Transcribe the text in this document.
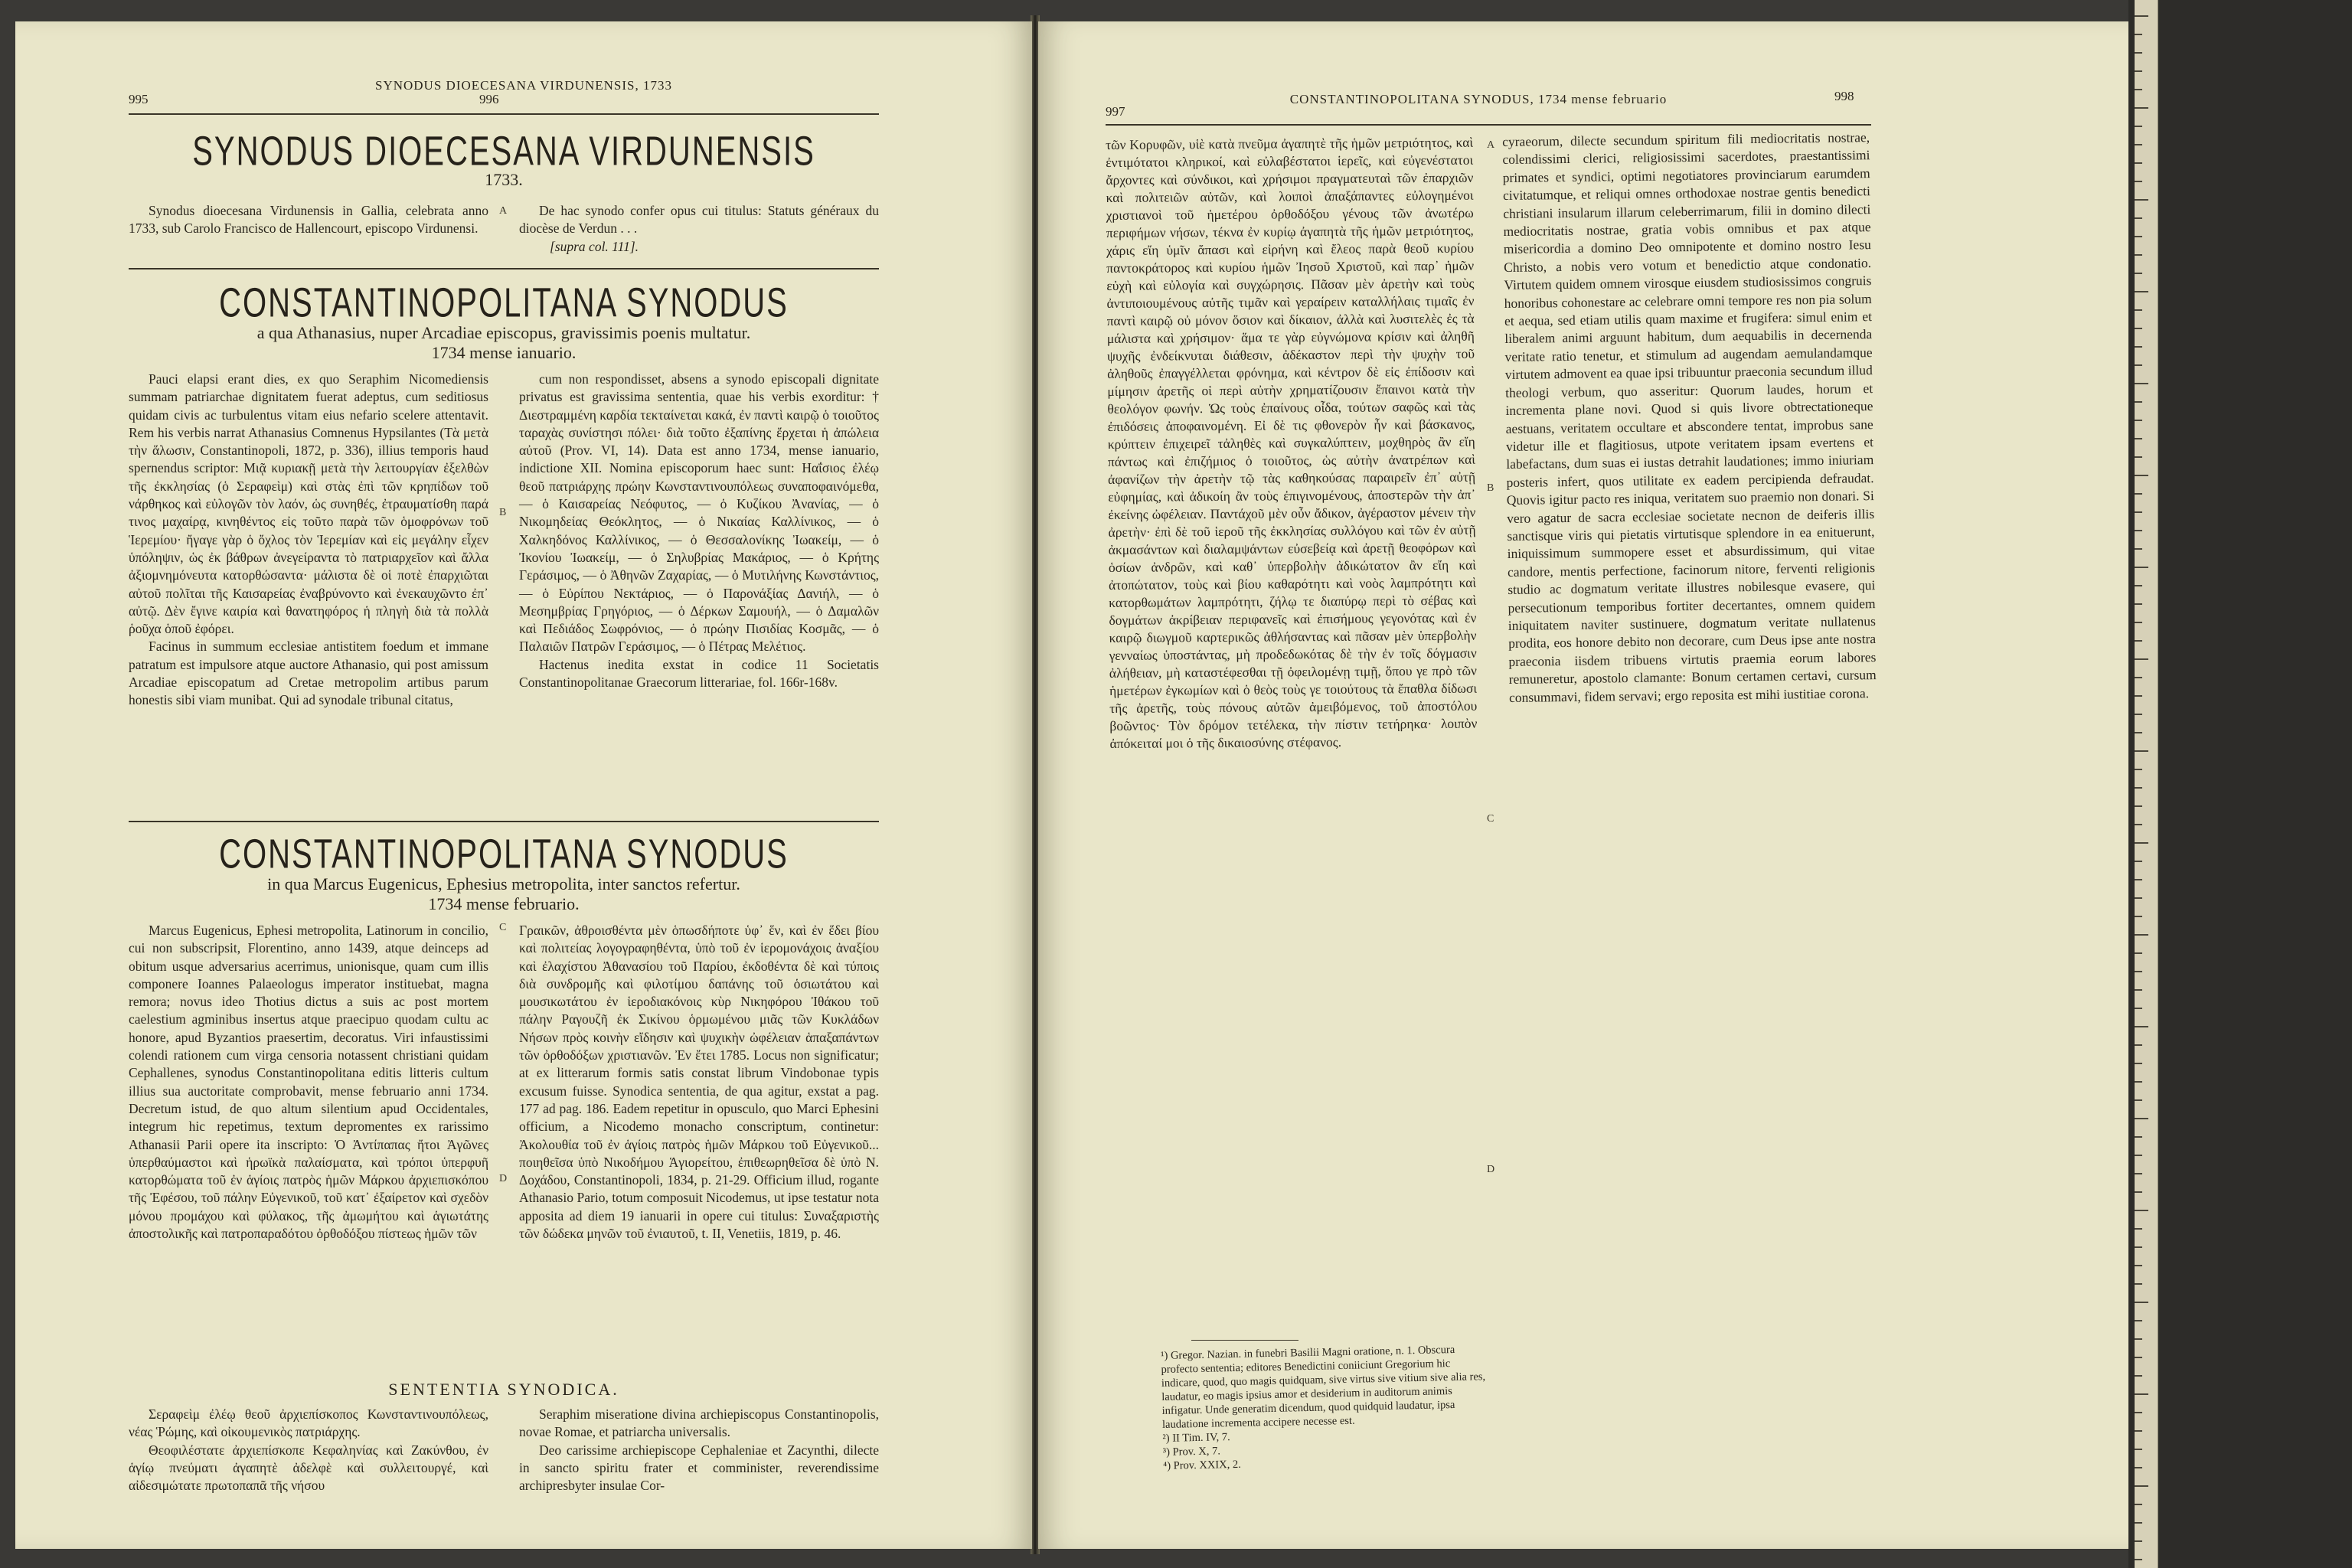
SYNODUS DIOECESANA VIRDUNENSIS, 1733
995	996
SYNODUS DIOECESANA VIRDUNENSIS
1733.

Synodus dioecesana Virdunensis in Gallia, celebrata anno 1733, sub Carolo Francisco de Hallencourt, episcopo Virdunensi.

De hac synodo confer opus cui titulus: Statuts généraux du diocèse de Verdun . . .

[supra col. 111].

CONSTANTINOPOLITANA SYNODUS
a qua Athanasius, nuper Arcadiae episcopus, gravissimis poenis multatur.
1734 mense ianuario.

Pauci elapsi erant dies, ex quo Seraphim Nicomediensis summam patriarchae dignitatem fuerat adeptus, cum seditiosus quidam civis ac turbulentus vitam eius nefario scelere attentavit. Rem his verbis narrat Athanasius Comnenus Hypsilantes (Τὰ μετὰ τὴν ἅλωσιν, Constantinopoli, 1872, p. 336), illius temporis haud spernendus scriptor: Μιᾷ κυριακῇ μετὰ τὴν λειτουργίαν ἐξελθὼν τῆς ἐκκλησίας (ὁ Σεραφεὶμ) καὶ στὰς ἐπὶ τῶν κρηπίδων τοῦ νάρθηκος καὶ εὐλογῶν τὸν λαόν, ὡς συνηθές, ἐτραυματίσθη παρά τινος μαχαίρᾳ, κινηθέντος εἰς τοῦτο παρὰ τῶν ὁμοφρόνων τοῦ Ἱερεμίου· ἤγαγε γὰρ ὁ ὄχλος τὸν Ἱερεμίαν καὶ εἰς μεγάλην εἶχεν ὑπόληψιν, ὡς ἐκ βάθρων ἀνεγείραντα τὸ πατριαρχεῖον καὶ ἄλλα ἀξιομνημόνευτα κατορθώσαντα· μάλιστα δὲ οἱ ποτὲ ἐπαρχιῶται αὐτοῦ πολῖται τῆς Καισαρείας ἐναβρύνοντο καὶ ἐνεκαυχῶντο ἐπ᾽ αὐτῷ. Δὲν ἔγινε καιρία καὶ θανατηφόρος ἡ πληγὴ διὰ τὰ πολλὰ ῥοῦχα ὁποῦ ἐφόρει.

Facinus in summum ecclesiae antistitem foedum et immane patratum est impulsore atque auctore Athanasio, qui post amissum Arcadiae episcopatum ad Cretae metropolim artibus parum honestis sibi viam munibat. Qui ad synodale tribunal citatus,

cum non respondisset, absens a synodo episcopali dignitate privatus est gravissima sententia, quae his verbis exorditur: † Διεστραμμένη καρδία τεκταίνεται κακά, ἐν παντὶ καιρῷ ὁ τοιοῦτος ταραχὰς συνίστησι πόλει· διὰ τοῦτο ἐξαπίνης ἔρχεται ἡ ἀπώλεια αὐτοῦ (Prov. VI, 14). Data est anno 1734, mense ianuario, indictione XII. Nomina episcoporum haec sunt: Ηαΐσιος ἐλέῳ θεοῦ πατριάρχης πρώην Κωνσταντινουπόλεως συναποφαινόμεθα, — ὁ Καισαρείας Νεόφυτος, — ὁ Κυζίκου Ἀνανίας, — ὁ Νικομηδείας Θεόκλητος, — ὁ Νικαίας Καλλίνικος, — ὁ Χαλκηδόνος Καλλίνικος, — ὁ Θεσσαλονίκης Ἰωακείμ, — ὁ Ἰκονίου Ἰωακείμ, — ὁ Σηλυβρίας Μακάριος, — ὁ Κρήτης Γεράσιμος, — ὁ Ἀθηνῶν Ζαχαρίας, — ὁ Μυτιλήνης Κωνστάντιος, — ὁ Εὐρίπου Νεκτάριος, — ὁ Παρονάξίας Δανιήλ, — ὁ Μεσημβρίας Γρηγόριος, — ὁ Δέρκων Σαμουήλ, — ὁ Δαμαλῶν καὶ Πεδιάδος Σωφρόνιος, — ὁ πρώην Πισιδίας Κοσμᾶς, — ὁ Παλαιῶν Πατρῶν Γεράσιμος, — ὁ Πέτρας Μελέτιος.

Hactenus inedita exstat in codice 11 Societatis Constantinopolitanae Graecorum litterariae, fol. 166r-168v.

CONSTANTINOPOLITANA SYNODUS
in qua Marcus Eugenicus, Ephesius metropolita, inter sanctos refertur.
1734 mense februario.

Marcus Eugenicus, Ephesi metropolita, Latinorum in concilio, cui non subscripsit, Florentino, anno 1439, atque deinceps ad obitum usque adversarius acerrimus, unionisque, quam cum illis componere Ioannes Palaeologus imperator instituebat, magna remora; novus ideo Thotius dictus a suis ac post mortem caelestium agminibus insertus atque praecipuo quodam cultu ac honore, apud Byzantios praesertim, decoratus. Viri infaustissimi colendi rationem cum virga censoria notassent christiani quidam Cephallenes, synodus Constantinopolitana editis litteris cultum illius sua auctoritate comprobavit, mense februario anni 1734. Decretum istud, de quo altum silentium apud Occidentales, integrum hic repetimus, textum depromentes ex rarissimo Athanasii Parii opere ita inscripto: Ὁ Ἀντίπαπας ἤτοι Ἀγῶνες ὑπερθαύμαστοι καὶ ἡρωϊκὰ παλαίσματα, καὶ τρόποι ὑπερφυῆ κατορθώματα τοῦ ἐν ἁγίοις πατρὸς ἡμῶν Μάρκου ἀρχιεπισκόπου τῆς Ἐφέσου, τοῦ πάλην Εὐγενικοῦ, τοῦ κατ᾽ ἐξαίρετον καὶ σχεδὸν μόνου προμάχου καὶ φύλακος, τῆς ἀμωμήτου καὶ ἁγιωτάτης ἀποστολικῆς καὶ πατροπαραδότου ὀρθοδόξου πίστεως ἡμῶν τῶν

Γραικῶν, ἀθροισθέντα μὲν ὁπωσδήποτε ὑφ᾽ ἕν, καὶ ἐν ἕδει βίου καὶ πολιτείας λογογραφηθέντα, ὑπὸ τοῦ ἐν ἱερομονάχοις ἀναξίου καὶ ἐλαχίστου Ἀθανασίου τοῦ Παρίου, ἐκδοθέντα δὲ καὶ τύποις διὰ συνδρομῆς καὶ φιλοτίμου δαπάνης τοῦ ὁσιωτάτου καὶ μουσικωτάτου ἐν ἱεροδιακόνοις κὺρ Νικηφόρου Ἰθάκου τοῦ πάλην Ραγουζῆ ἐκ Σικίνου ὁρμωμένου μιᾶς τῶν Κυκλάδων Νήσων πρὸς κοινὴν εἴδησιν καὶ ψυχικὴν ὠφέλειαν ἁπαξαπάντων τῶν ὀρθοδόξων χριστιανῶν. Ἐν ἔτει 1785. Locus non significatur; at ex litterarum formis satis constat librum Vindobonae typis excusum fuisse. Synodica sententia, de qua agitur, exstat a pag. 177 ad pag. 186. Eadem repetitur in opusculo, quo Marci Ephesini officium, a Nicodemo monacho conscriptum, continetur: Ἀκολουθία τοῦ ἐν ἁγίοις πατρὸς ἡμῶν Μάρκου τοῦ Εὐγενικοῦ... ποιηθεῖσα ὑπὸ Νικοδήμου Ἁγιορείτου, ἐπιθεωρηθεῖσα δὲ ὑπὸ Ν. Δοχάδου, Constantinopoli, 1834, p. 21-29. Officium illud, rogante Athanasio Pario, totum composuit Nicodemus, ut ipse testatur nota apposita ad diem 19 ianuarii in opere cui titulus: Συναξαριστὴς τῶν δώδεκα μηνῶν τοῦ ἐνιαυτοῦ, t. II, Venetiis, 1819, p. 46.

SENTENTIA SYNODICA.

Σεραφεὶμ ἐλέῳ θεοῦ ἀρχιεπίσκοπος Κωνσταντινουπόλεως, νέας Ῥώμης, καὶ οἰκουμενικὸς πατριάρχης.

Θεοφιλέστατε ἀρχιεπίσκοπε Κεφαληνίας καὶ Ζακύνθου, ἐν ἁγίῳ πνεύματι ἀγαπητὲ ἀδελφὲ καὶ συλλειτουργέ, καὶ αἰδεσιμώτατε πρωτοπαπᾶ τῆς νήσου

Seraphim miseratione divina archiepiscopus Constantinopolis, novae Romae, et patriarcha universalis.

Deo carissime archiepiscope Cephaleniae et Zacynthi, dilecte in sancto spiritu frater et comminister, reverendissime archipresbyter insulae Cor-

A
B
C
D
997
CONSTANTINOPOLITANA SYNODUS, 1734 mense februario	998

τῶν Κορυφῶν, υἱὲ κατὰ πνεῦμα ἀγαπητὲ τῆς ἡμῶν μετριότητος, καὶ ἐντιμότατοι κληρικοί, καὶ εὐλαβέστατοι ἱερεῖς, καὶ εὐγενέστατοι ἄρχοντες καὶ σύνδικοι, καὶ χρήσιμοι πραγματευταὶ τῶν ἐπαρχιῶν καὶ πολιτειῶν αὐτῶν, καὶ λοιποὶ ἀπαξάπαντες εὐλογημένοι χριστιανοὶ τοῦ ἡμετέρου ὀρθοδόξου γένους τῶν ἀνωτέρω περιφήμων νήσων, τέκνα ἐν κυρίῳ ἀγαπητὰ τῆς ἡμῶν μετριότητος, χάρις εἴη ὑμῖν ἅπασι καὶ εἰρήνη καὶ ἔλεος παρὰ θεοῦ κυρίου παντοκράτορος καὶ κυρίου ἡμῶν Ἰησοῦ Χριστοῦ, καὶ παρ᾽ ἡμῶν εὐχὴ καὶ εὐλογία καὶ συγχώρησις. Πᾶσαν μὲν ἀρετὴν καὶ τοὺς ἀντιποιουμένους αὐτῆς τιμᾶν καὶ γεραίρειν καταλλήλαις τιμαῖς ἐν παντὶ καιρῷ οὐ μόνον ὅσιον καὶ δίκαιον, ἀλλὰ καὶ λυσιτελὲς ἐς τὰ μάλιστα καὶ χρήσιμον· ἅμα τε γὰρ εὐγνώμονα κρίσιν καὶ ἀληθῆ ψυχῆς ἐνδείκνυται διάθεσιν, ἀδέκαστον περὶ τὴν ψυχὴν τοῦ ἀληθοῦς ἐπαγγέλλεται φρόνημα, καὶ κέντρον δὲ εἰς ἐπίδοσιν καὶ μίμησιν ἀρετῆς οἱ περὶ αὐτὴν χρηματίζουσιν ἔπαινοι κατὰ τὴν θεολόγον φωνήν. Ὡς τοὺς ἐπαίνους οἶδα, τούτων σαφῶς καὶ τὰς ἐπιδόσεις ἀποφαινομένη. Εἰ δὲ τις φθονερὸν ἦν καὶ βάσκανος, κρύπτειν ἐπιχειρεῖ τἀληθὲς καὶ συγκαλύπτειν, μοχθηρὸς ἂν εἴη πάντως καὶ ἐπιζήμιος ὁ τοιοῦτος, ὡς αὐτὴν ἀνατρέπων καὶ ἀφανίζων τὴν ἀρετὴν τῷ τὰς καθηκούσας παραιρεῖν ἐπ᾽ αὐτῇ εὐφημίας, καὶ ἀδικοίη ἂν τοὺς ἐπιγινομένους, ἀποστερῶν τὴν ἀπ᾽ ἐκείνης ὠφέλειαν. Παντάχοῦ μὲν οὖν ἄδικον, ἀγέραστον μένειν τὴν ἀρετὴν· ἐπὶ δὲ τοῦ ἱεροῦ τῆς ἐκκλησίας συλλόγου καὶ τῶν ἐν αὐτῇ ἀκμασάντων καὶ διαλαμψάντων εὐσεβείᾳ καὶ ἀρετῇ θεοφόρων καὶ ὁσίων ἀνδρῶν, καὶ καθ᾽ ὑπερβολὴν ἀδικώτατον ἂν εἴη καὶ ἀτοπώτατον, τοὺς καὶ βίου καθαρότητι καὶ νοὸς λαμπρότητι καὶ κατορθωμάτων λαμπρότητι, ζήλῳ τε διαπύρῳ περὶ τὸ σέβας καὶ δογμάτων ἀκρίβειαν περιφανεῖς καὶ ἐπισήμους γεγονότας καὶ ἐν καιρῷ διωγμοῦ καρτερικῶς ἀθλήσαντας καὶ πᾶσαν μὲν ὑπερβολὴν γενναίως ὑποστάντας, μὴ προδεδωκότας δὲ τὴν ἐν τοῖς δόγμασιν ἀλήθειαν, μὴ καταστέφεσθαι τῇ ὀφειλομένῃ τιμῇ, ὅπου γε πρὸ τῶν ἡμετέρων ἐγκωμίων καὶ ὁ θεὸς τοὺς γε τοιούτους τὰ ἔπαθλα δίδωσι τῆς ἀρετῆς, τοὺς πόνους αὐτῶν ἀμειβόμενος, τοῦ ἀποστόλου βοῶντος· Τὸν δρόμον τετέλεκα, τὴν πίστιν τετήρηκα· λοιπὸν ἀπόκειταί μοι ὁ τῆς δικαιοσύνης στέφανος.

cyraeorum, dilecte secundum spiritum fili mediocritatis nostrae, colendissimi clerici, religiosissimi sacerdotes, praestantissimi primates et syndici, optimi negotiatores provinciarum earumdem civitatumque, et reliqui omnes orthodoxae nostrae gentis benedicti christiani insularum illarum celeberrimarum, filii in domino dilecti mediocritatis nostrae, gratia vobis omnibus et pax atque misericordia a domino Deo omnipotente et domino nostro Iesu Christo, a nobis vero votum et benedictio atque condonatio. Virtutem quidem omnem virosque eiusdem studiosissimos congruis honoribus cohonestare ac celebrare omni tempore res non pia solum et aequa, sed etiam utilis quam maxime et frugifera: simul enim et liberalem animi arguunt habitum, dum aequabilis in decernenda veritate ratio tenetur, et stimulum ad augendam aemulandamque virtutem admovent ea quae ipsi tribuuntur praeconia secundum illud theologi verbum, quo asseritur: Quorum laudes, horum et incrementa plane novi. Quod si quis livore obtrectationeque aestuans, veritatem occultare et abscondere tentat, improbus sane videtur ille et flagitiosus, utpote veritatem ipsam evertens et labefactans, dum suas ei iustas detrahit laudationes; immo iniuriam posteris infert, quos utilitate ex eadem percipienda defraudat. Quovis igitur pacto res iniqua, veritatem suo praemio non donari. Si vero agatur de sacra ecclesiae societate necnon de deiferis illis sanctisque viris qui pietatis virtutisque splendore in ea enituerunt, iniquissimum summopere esset et absurdissimum, qui vitae candore, mentis perfectione, facinorum nitore, ferventi religionis studio ac dogmatum veritate illustres nobilesque evasere, qui persecutionum temporibus fortiter decertantes, omnem quidem iniquitatem naviter sustinuere, dogmatum veritate nullatenus prodita, eos honore debito non decorare, cum Deus ipse ante nostra praeconia iisdem tribuens virtutis praemia eorum labores remuneretur, apostolo clamante: Bonum certamen certavi, cursum consummavi, fidem servavi; ergo reposita est mihi iustitiae corona.

¹) Gregor. Nazian. in funebri Basilii Magni oratione, n. 1. Obscura profecto sententia; editores Benedictini coniiciunt Gregorium hic indicare, quod, quo magis quidquam, sive virtus sive vitium sive alia res, laudatur, eo magis ipsius amor et desiderium in auditorum animis infigatur. Unde generatim dicendum, quod quidquid laudatur, ipsa laudatione incrementa accipere necesse est.
²) II Tim. IV, 7.
³) Prov. X, 7.
⁴) Prov. XXIX, 2.
A
B
C
D
